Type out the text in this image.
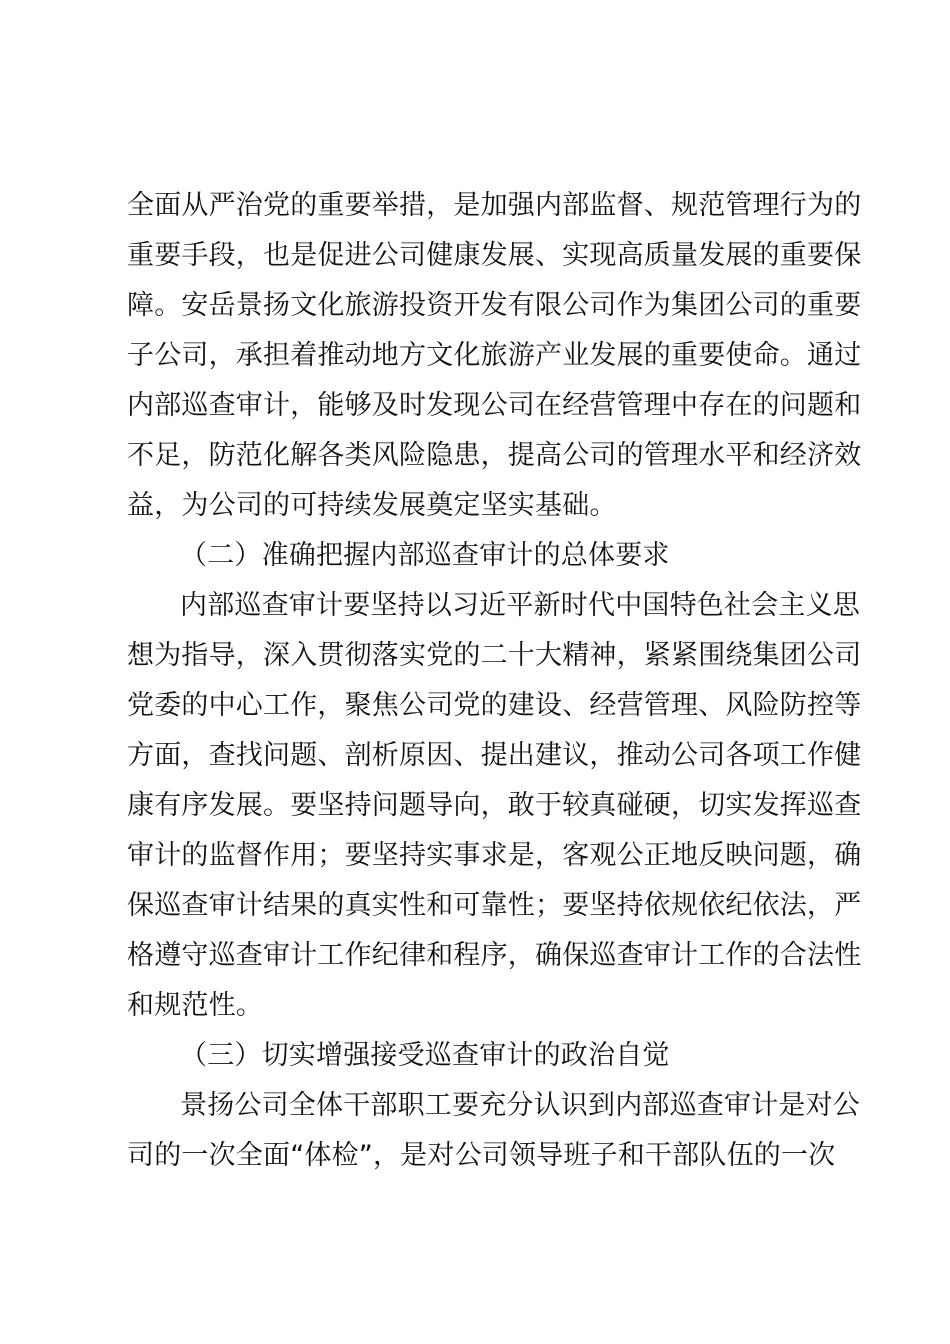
全面从严治党的重要举措，是加强内部监督、规范管理行为的
重要手段，也是促进公司健康发展、实现高质量发展的重要保
障。安岳景扬文化旅游投资开发有限公司作为集团公司的重要
子公司，承担着推动地方文化旅游产业发展的重要使命。通过
内部巡查审计，能够及时发现公司在经营管理中存在的问题和
不足，防范化解各类风险隐患，提高公司的管理水平和经济效
益，为公司的可持续发展奠定坚实基础。
（二）准确把握内部巡查审计的总体要求
内部巡查审计要坚持以习近平新时代中国特色社会主义思
想为指导，深入贯彻落实党的二十大精神，紧紧围绕集团公司
党委的中心工作，聚焦公司党的建设、经营管理、风险防控等
方面，查找问题、剖析原因、提出建议，推动公司各项工作健
康有序发展。要坚持问题导向，敢于较真碰硬，切实发挥巡查
审计的监督作用；要坚持实事求是，客观公正地反映问题，确
保巡查审计结果的真实性和可靠性；要坚持依规依纪依法，严
格遵守巡查审计工作纪律和程序，确保巡查审计工作的合法性
和规范性。
（三）切实增强接受巡查审计的政治自觉
景扬公司全体干部职工要充分认识到内部巡查审计是对公
司的一次全面“体检”，是对公司领导班子和干部队伍的一次
